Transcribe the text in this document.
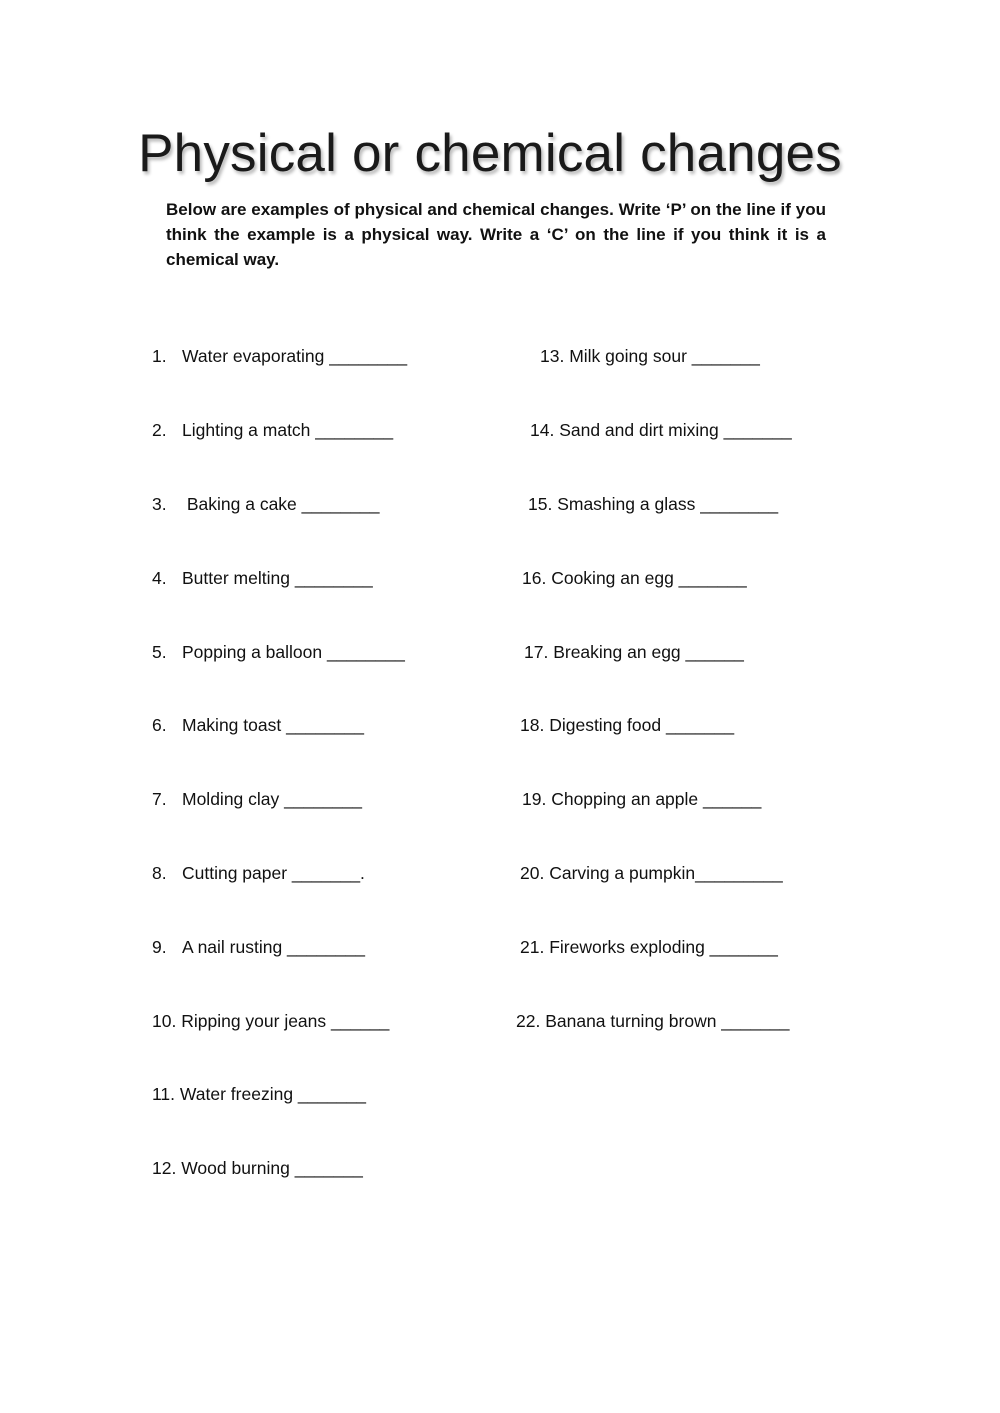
Physical or chemical changes

Below are examples of physical and chemical changes. Write ‘P’ on the line if you think the example is a physical way. Write a ‘C’ on the line if you think it is a chemical way.

1. Water evaporating ________
2. Lighting a match ________
3. Baking a cake ________
4. Butter melting ________
5. Popping a balloon ________
6. Making toast ________
7. Molding clay ________
8. Cutting paper _______.
9. A nail rusting ________
10. Ripping your jeans ______
11. Water freezing _______
12. Wood burning _______
13. Milk going sour _______
14. Sand and dirt mixing _______
15. Smashing a glass ________
16. Cooking an egg _______
17. Breaking an egg ______
18. Digesting food _______
19. Chopping an apple ______
20. Carving a pumpkin_________
21. Fireworks exploding _______
22. Banana turning brown _______
